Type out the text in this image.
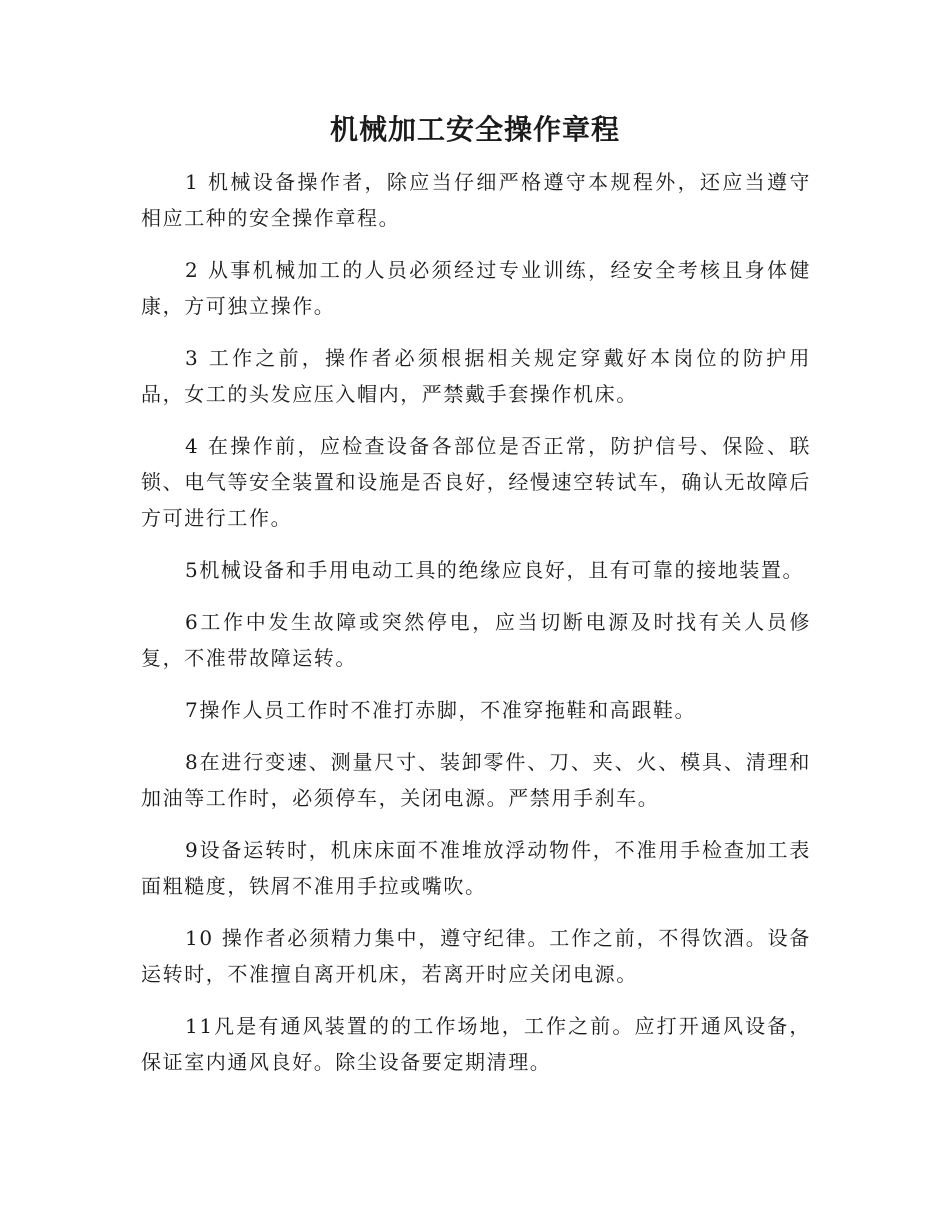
机械加工安全操作章程

1 机械设备操作者，除应当仔细严格遵守本规程外，还应当遵守相应工种的安全操作章程。

2 从事机械加工的人员必须经过专业训练，经安全考核且身体健康，方可独立操作。

3 工作之前，操作者必须根据相关规定穿戴好本岗位的防护用品，女工的头发应压入帽内，严禁戴手套操作机床。

4 在操作前，应检查设备各部位是否正常，防护信号、保险、联锁、电气等安全装置和设施是否良好，经慢速空转试车，确认无故障后方可进行工作。

5机械设备和手用电动工具的绝缘应良好，且有可靠的接地装置。

6工作中发生故障或突然停电，应当切断电源及时找有关人员修复，不准带故障运转。

7操作人员工作时不准打赤脚，不准穿拖鞋和高跟鞋。

8在进行变速、测量尺寸、装卸零件、刀、夹、火、模具、清理和加油等工作时，必须停车，关闭电源。严禁用手刹车。

9设备运转时，机床床面不准堆放浮动物件，不准用手检查加工表面粗糙度，铁屑不准用手拉或嘴吹。

10 操作者必须精力集中，遵守纪律。工作之前，不得饮酒。设备运转时，不准擅自离开机床，若离开时应关闭电源。

11凡是有通风装置的的工作场地，工作之前。应打开通风设备，保证室内通风良好。除尘设备要定期清理。
